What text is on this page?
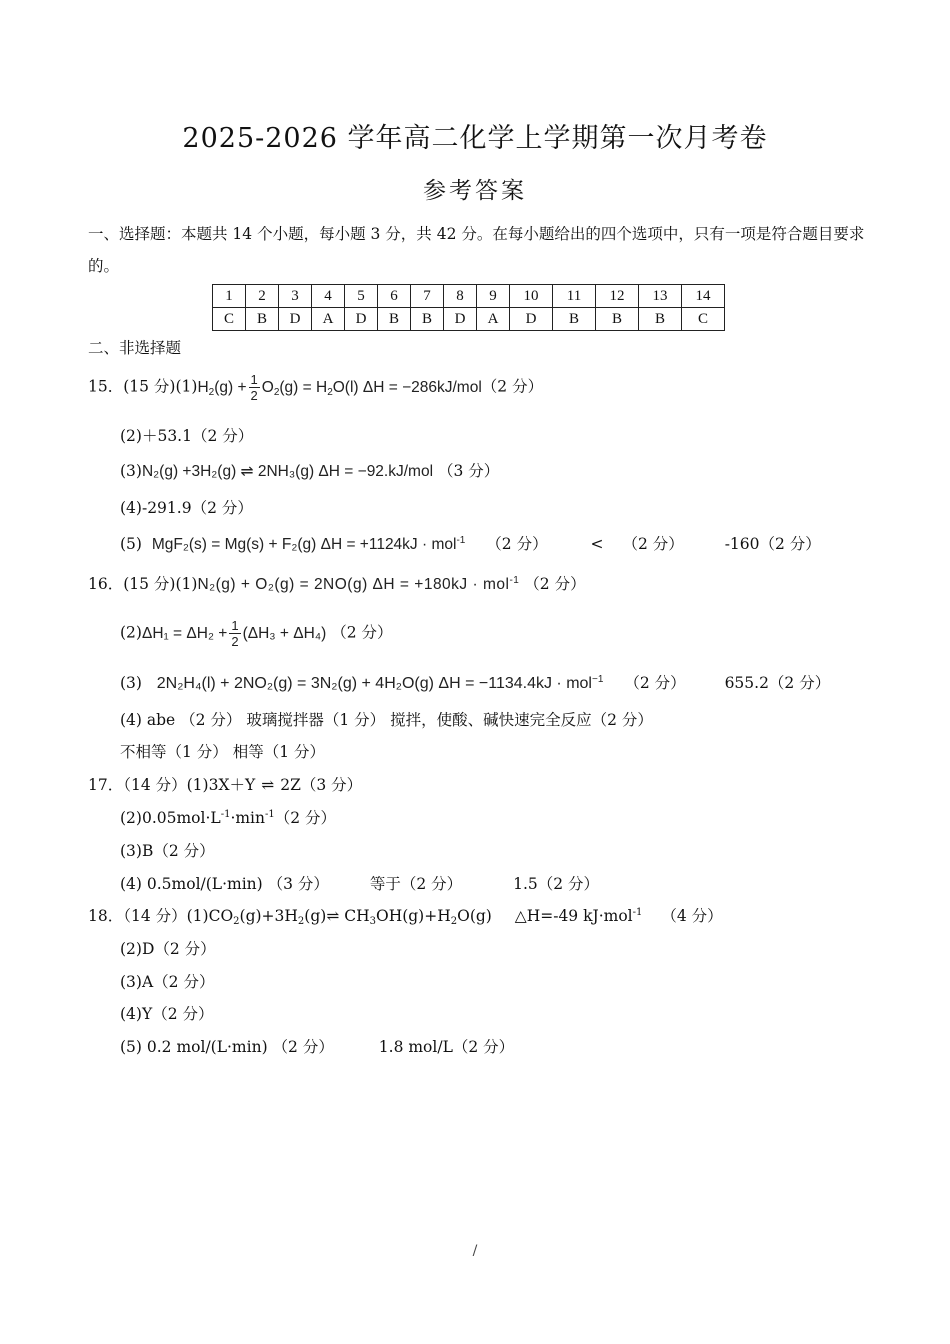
2025-2026 学年高二化学上学期第一次月考卷
参考答案
一、选择题：本题共 14 个小题，每小题 3 分，共 42 分。在每小题给出的四个选项中，只有一项是符合题目要求的。
1	2	3	4	5	6	7	8	9	10	11	12	13	14
C	B	D	A	D	B	B	D	A	D	B	B	B	C
二、非选择题
15．(15 分)$(1)H_2(g) + \frac{1}{2} O_2(g) = H_2O(l)$ ΔH = −286kJ/mol（2 分）
(2)＋53.1（2 分）
(3)N₂(g) +3H₂(g) ⇌ 2NH₃(g) ΔH = −92.kJ/mol （3 分）
(4)-291.9（2 分）
(5) MgF₂(s) = Mg(s) + F₂(g) ΔH = +1124kJ · mol$^{-1}$ （2 分）	< （2 分）	-160（2 分）
16．(15 分)(1)N₂(g) + O₂(g) = 2NO(g) ΔH = +180kJ · mol$^{-1}$ （2 分）
$(2)\Delta H_1 = \Delta H_2 + \frac{1}{2} (\Delta H_3 + \Delta H_4)$ （2 分）
(3) 2N₂H₄(l) + 2NO₂(g) = 3N₂(g) + 4H₂O(g) ΔH = −1134.4kJ · mol$^{-1}$ （2 分）	655.2（2 分）
(4) abe （2 分） 玻璃搅拌器（1 分） 搅拌，使酸、碱快速完全反应（2 分）
不相等（1 分） 相等（1 分）
17．（14 分）(1)3X＋Y ⇌ 2Z（3 分）
$(2)0.05mol\cdot L^{-1}\cdot\min^{-1}(2$ 分）
(3)B（2 分）
(4) 0.5mol/(L·min) （3 分）	等于（2 分）	1.5（2 分）
18．（14 分）$(1)CO_2(g)+3H_2(g)\rightleftharpoons$ $CH_3OH(g)+H_2O(g)$ △H=-49 kJ·mol$^{-1}$ （4 分）
(2)D（2 分）
(3)A（2 分）
(4)Y（2 分）
(5) 0.2 mol/(L·min) （2 分）	1.8 mol/L（2 分）
/
